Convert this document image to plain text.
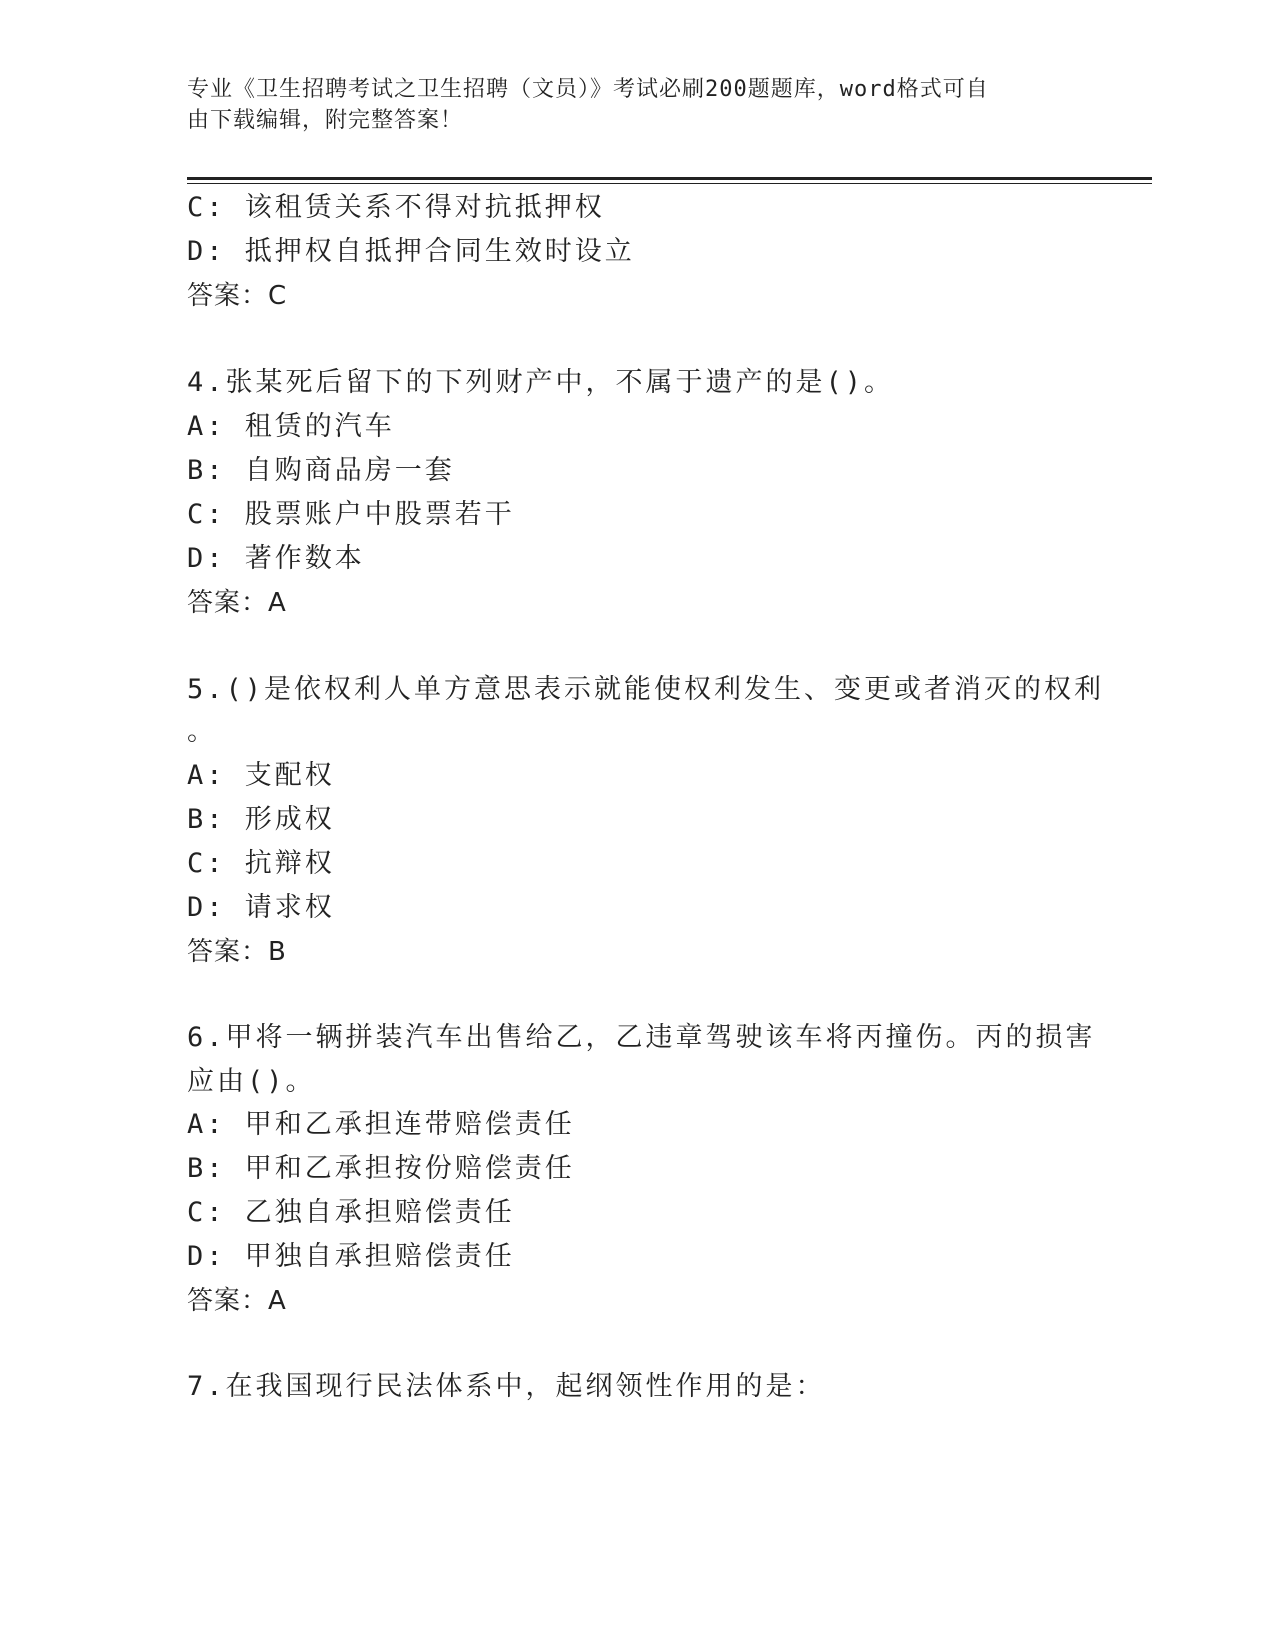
专业《卫生招聘考试之卫生招聘（文员）》考试必刷200题题库，word格式可自
由下载编辑，附完整答案！
C: 该租赁关系不得对抗抵押权
D: 抵押权自抵押合同生效时设立
答案：C
4.张某死后留下的下列财产中，不属于遗产的是()。
A: 租赁的汽车
B: 自购商品房一套
C: 股票账户中股票若干
D: 著作数本
答案：A
5.()是依权利人单方意思表示就能使权利发生、变更或者消灭的权利
。
A: 支配权
B: 形成权
C: 抗辩权
D: 请求权
答案：B
6.甲将一辆拼装汽车出售给乙，乙违章驾驶该车将丙撞伤。丙的损害
应由()。
A: 甲和乙承担连带赔偿责任
B: 甲和乙承担按份赔偿责任
C: 乙独自承担赔偿责任
D: 甲独自承担赔偿责任
答案：A
7.在我国现行民法体系中，起纲领性作用的是：
